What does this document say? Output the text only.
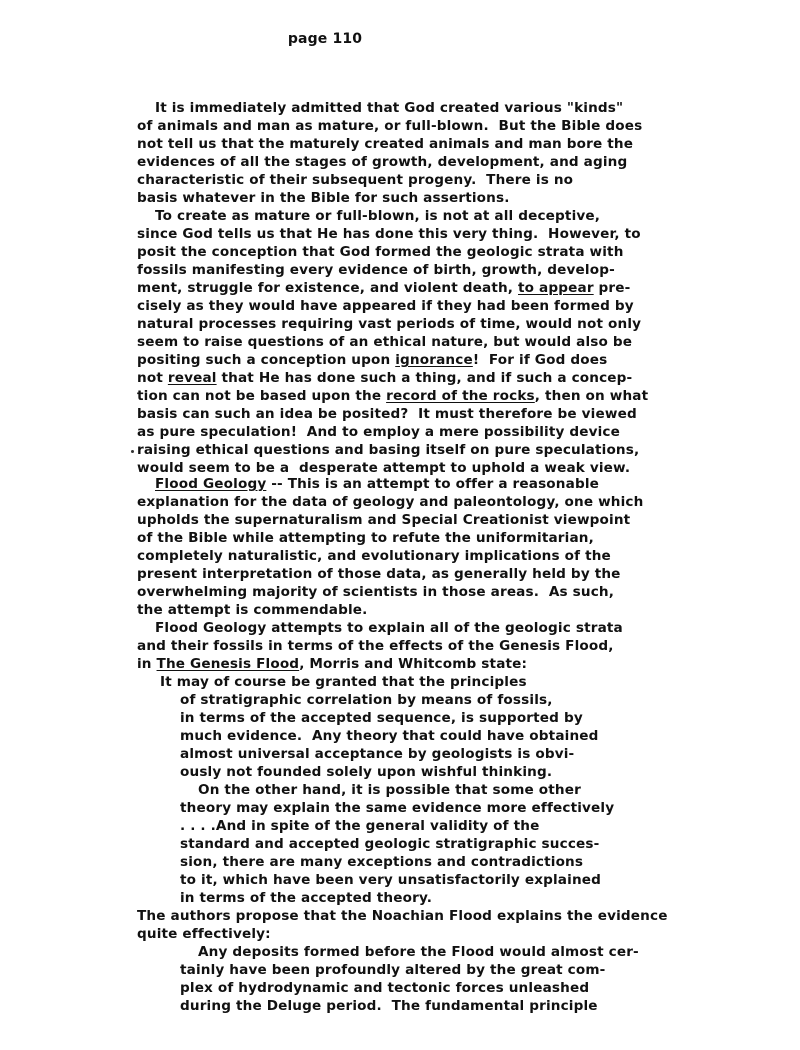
page 110
It is immediately admitted that God created various "kinds"
of animals and man as mature, or full-blown.  But the Bible does
not tell us that the maturely created animals and man bore the
evidences of all the stages of growth, development, and aging
characteristic of their subsequent progeny.  There is no
basis whatever in the Bible for such assertions.
To create as mature or full-blown, is not at all deceptive,
since God tells us that He has done this very thing.  However, to
posit the conception that God formed the geologic strata with
fossils manifesting every evidence of birth, growth, develop-
ment, struggle for existence, and violent death, to appear pre-
cisely as they would have appeared if they had been formed by
natural processes requiring vast periods of time, would not only
seem to raise questions of an ethical nature, but would also be
positing such a conception upon ignorance!  For if God does
not reveal that He has done such a thing, and if such a concep-
tion can not be based upon the record of the rocks, then on what
basis can such an idea be posited?  It must therefore be viewed
as pure speculation!  And to employ a mere possibility device
raising ethical questions and basing itself on pure speculations,
would seem to be a  desperate attempt to uphold a weak view.
Flood Geology -- This is an attempt to offer a reasonable
explanation for the data of geology and paleontology, one which
upholds the supernaturalism and Special Creationist viewpoint
of the Bible while attempting to refute the uniformitarian,
completely naturalistic, and evolutionary implications of the
present interpretation of those data, as generally held by the
overwhelming majority of scientists in those areas.  As such,
the attempt is commendable.
Flood Geology attempts to explain all of the geologic strata
and their fossils in terms of the effects of the Genesis Flood,
in The Genesis Flood, Morris and Whitcomb state:
It may of course be granted that the principles
of stratigraphic correlation by means of fossils,
in terms of the accepted sequence, is supported by
much evidence.  Any theory that could have obtained
almost universal acceptance by geologists is obvi-
ously not founded solely upon wishful thinking.
On the other hand, it is possible that some other
theory may explain the same evidence more effectively
. . . .And in spite of the general validity of the
standard and accepted geologic stratigraphic succes-
sion, there are many exceptions and contradictions
to it, which have been very unsatisfactorily explained
in terms of the accepted theory.
The authors propose that the Noachian Flood explains the evidence
quite effectively:
Any deposits formed before the Flood would almost cer-
tainly have been profoundly altered by the great com-
plex of hydrodynamic and tectonic forces unleashed
during the Deluge period.  The fundamental principle
